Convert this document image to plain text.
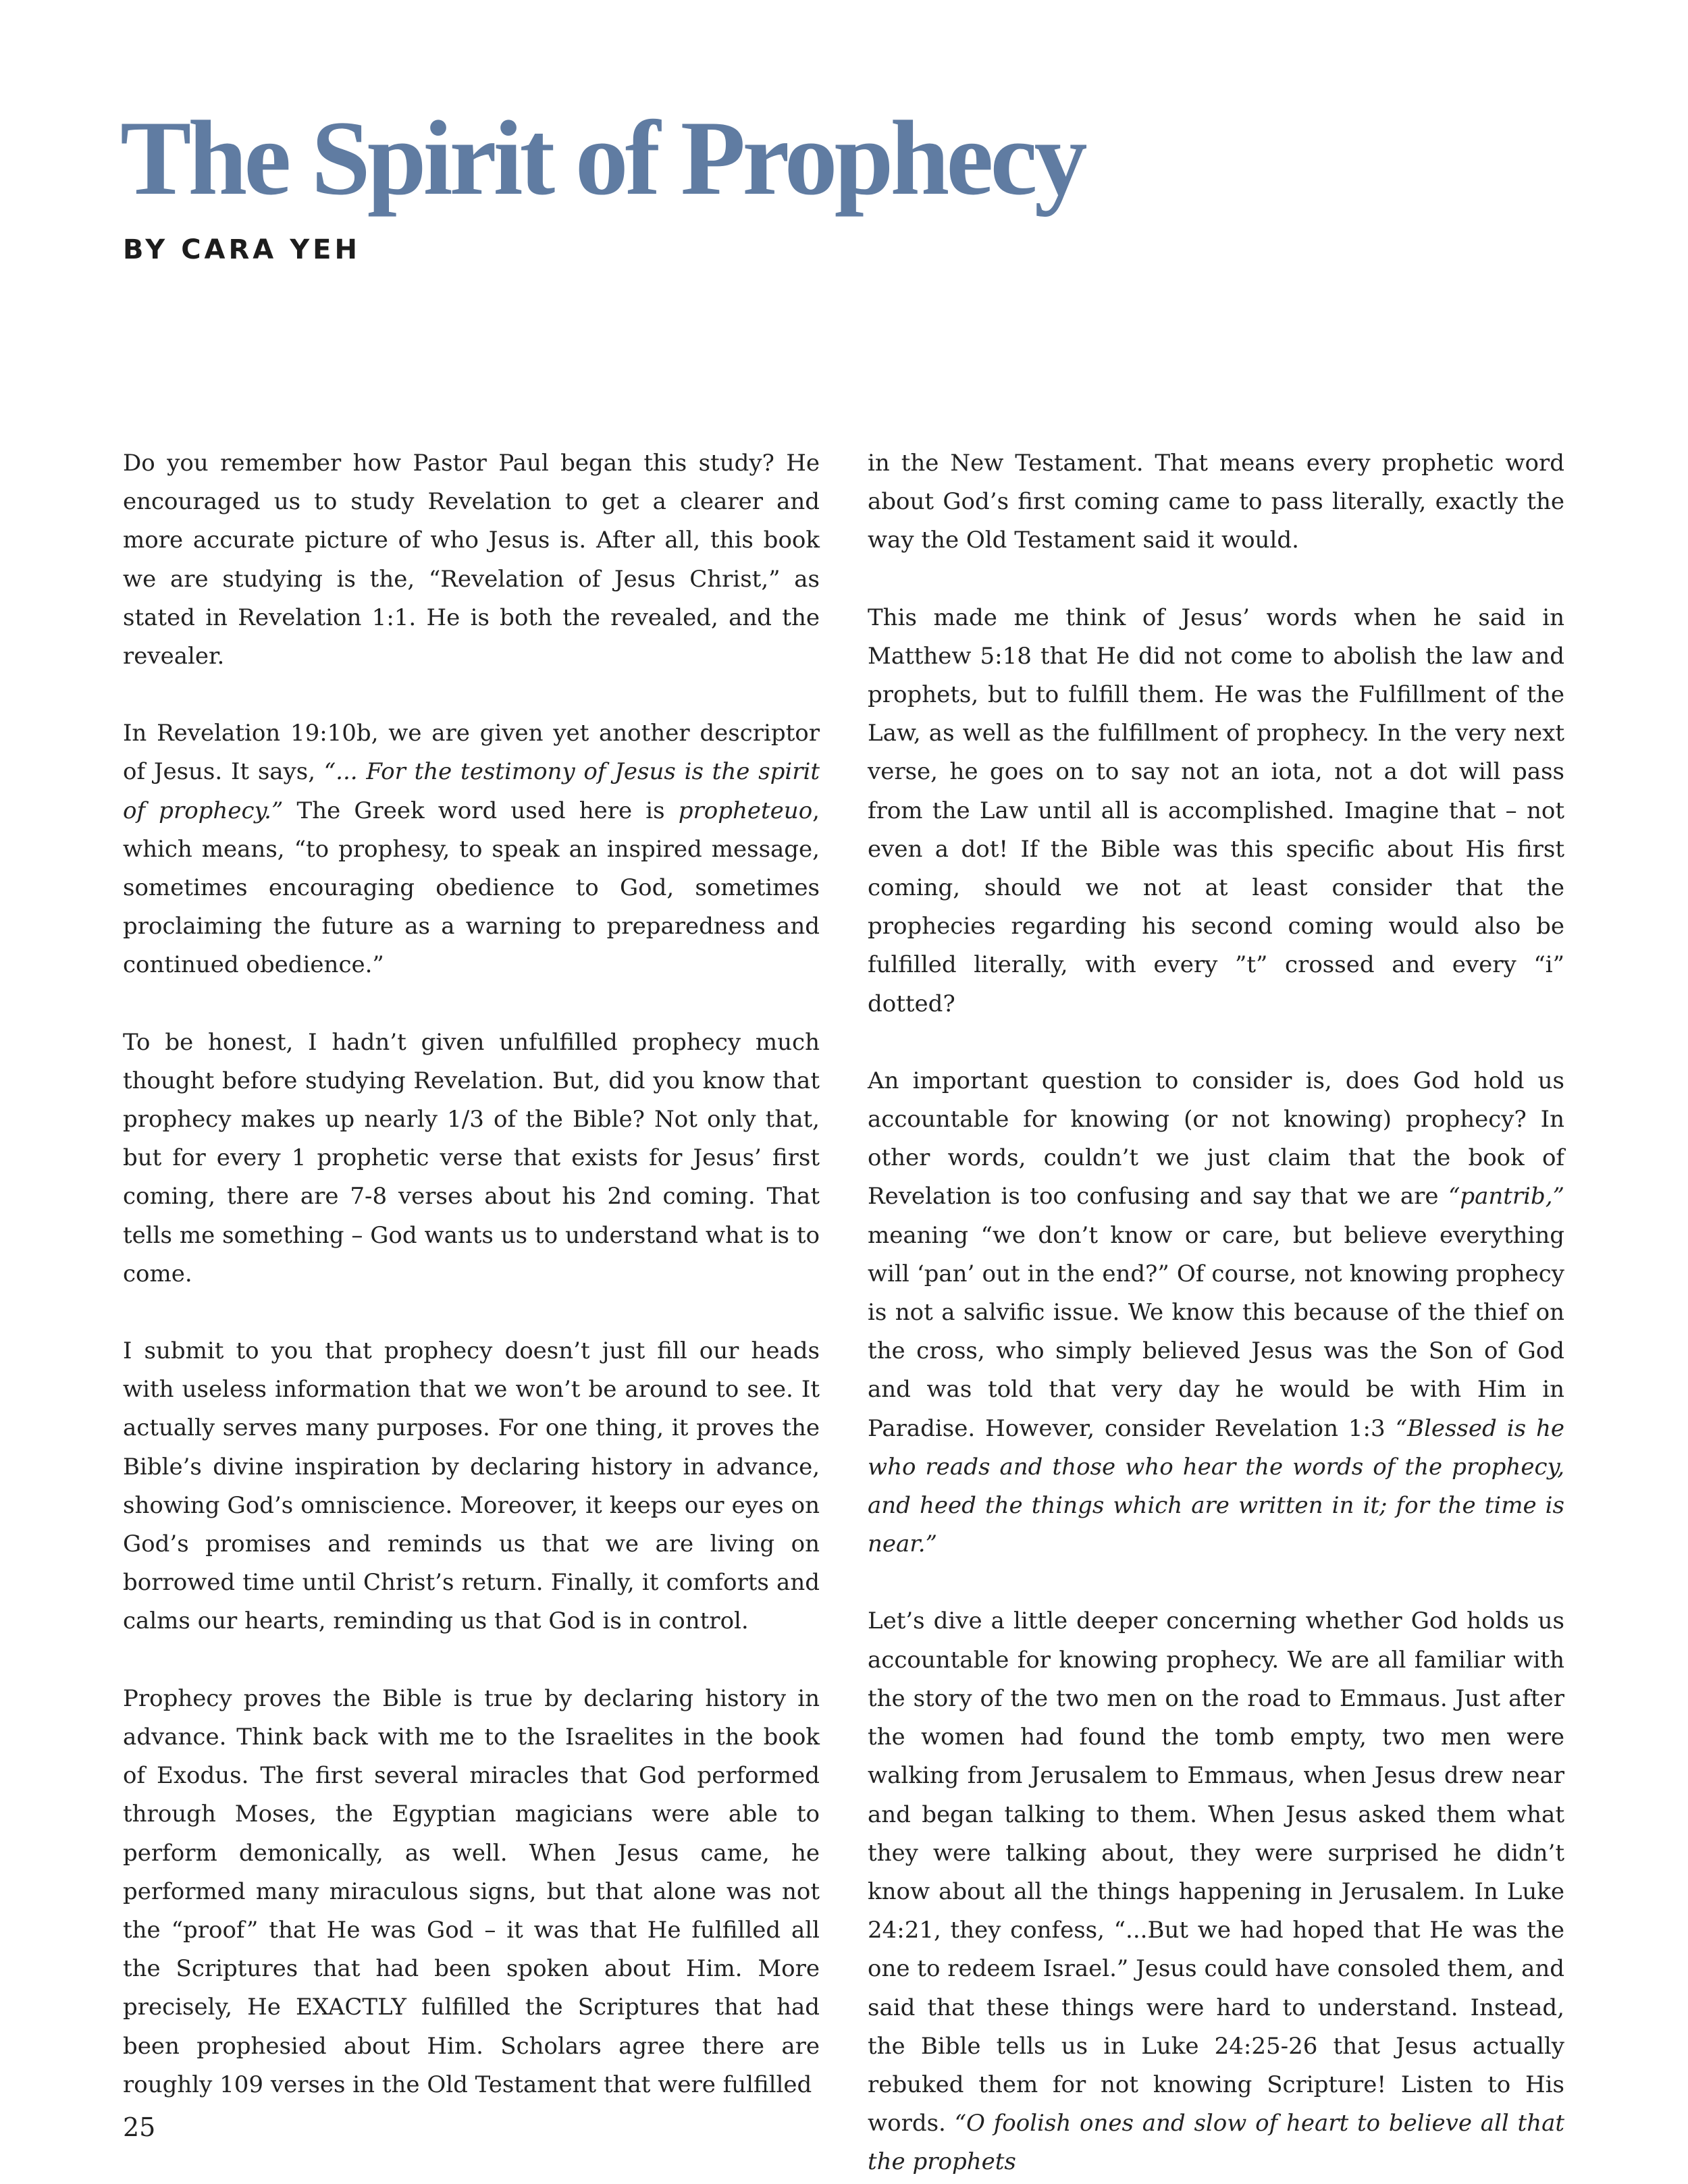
The Spirit of Prophecy
BY CARA YEH

Do you remember how Pastor Paul began this study? He encouraged us to study Revelation to get a clearer and more accurate picture of who Jesus is. After all, this book we are studying is the, “Revelation of Jesus Christ,” as stated in Revelation 1:1. He is both the revealed, and the revealer.

In Revelation 19:10b, we are given yet another descriptor of Jesus. It says, “... For the testimony of Jesus is the spirit of prophecy.” The Greek word used here is propheteuo, which means, “to prophesy, to speak an inspired message, sometimes encouraging obedience to God, sometimes proclaiming the future as a warning to preparedness and continued obedience.”

To be honest, I hadn’t given unfulfilled prophecy much thought before studying Revelation. But, did you know that prophecy makes up nearly 1/3 of the Bible? Not only that, but for every 1 prophetic verse that exists for Jesus’ first coming, there are 7-8 verses about his 2nd coming. That tells me something – God wants us to understand what is to come.

I submit to you that prophecy doesn’t just fill our heads with useless information that we won’t be around to see. It actually serves many purposes. For one thing, it proves the Bible’s divine inspiration by declaring history in advance, showing God’s omniscience. Moreover, it keeps our eyes on God’s promises and reminds us that we are living on borrowed time until Christ’s return. Finally, it comforts and calms our hearts, reminding us that God is in control.

Prophecy proves the Bible is true by declaring history in advance. Think back with me to the Israelites in the book of Exodus. The first several miracles that God performed through Moses, the Egyptian magicians were able to perform demonically, as well. When Jesus came, he performed many miraculous signs, but that alone was not the “proof” that He was God – it was that He fulfilled all the Scriptures that had been spoken about Him. More precisely, He EXACTLY fulfilled the Scriptures that had been prophesied about Him. Scholars agree there are roughly 109 verses in the Old Testament that were fulfilled

in the New Testament. That means every prophetic word about God’s first coming came to pass literally, exactly the way the Old Testament said it would.

This made me think of Jesus’ words when he said in Matthew 5:18 that He did not come to abolish the law and prophets, but to fulfill them. He was the Fulfillment of the Law, as well as the fulfillment of prophecy. In the very next verse, he goes on to say not an iota, not a dot will pass from the Law until all is accomplished. Imagine that – not even a dot! If the Bible was this specific about His first coming, should we not at least consider that the prophecies regarding his second coming would also be fulfilled literally, with every ”t” crossed and every “i” dotted?

An important question to consider is, does God hold us accountable for knowing (or not knowing) prophecy? In other words, couldn’t we just claim that the book of Revelation is too confusing and say that we are “pantrib,” meaning “we don’t know or care, but believe everything will ‘pan’ out in the end?” Of course, not knowing prophecy is not a salvific issue. We know this because of the thief on the cross, who simply believed Jesus was the Son of God and was told that very day he would be with Him in Paradise. However, consider Revelation 1:3 “Blessed is he who reads and those who hear the words of the prophecy, and heed the things which are written in it; for the time is near.”

Let’s dive a little deeper concerning whether God holds us accountable for knowing prophecy. We are all familiar with the story of the two men on the road to Emmaus. Just after the women had found the tomb empty, two men were walking from Jerusalem to Emmaus, when Jesus drew near and began talking to them. When Jesus asked them what they were talking about, they were surprised he didn’t know about all the things happening in Jerusalem. In Luke 24:21, they confess, “...But we had hoped that He was the one to redeem Israel.” Jesus could have consoled them, and said that these things were hard to understand. Instead, the Bible tells us in Luke 24:25-26 that Jesus actually rebuked them for not knowing Scripture! Listen to His words. “O foolish ones and slow of heart to believe all that the prophets

25
